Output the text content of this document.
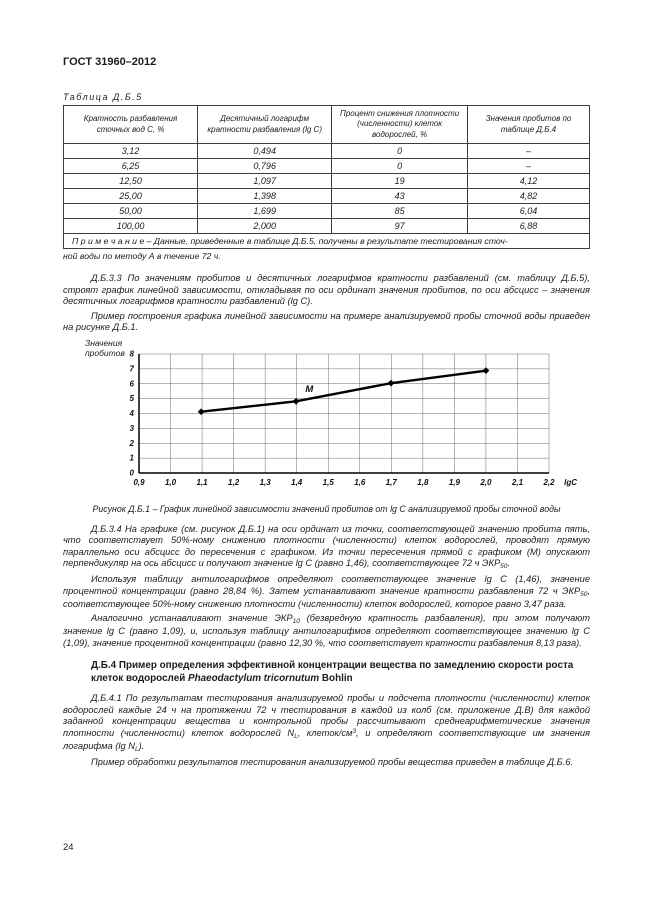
ГОСТ 31960–2012
Таблица Д.Б.5
Кратность разбавления сточных вод С, %	Десятичный логарифм кратности разбавления (lg C)	Процент снижения плотности (численности) клеток водорослей, %	Значения пробитов по таблице Д.Б.4
3,12	0,494	0	–
6,25	0,796	0	–
12,50	1,097	19	4,12
25,00	1,398	43	4,82
50,00	1,699	85	6,04
100,00	2,000	97	6,88
П р и м е ч а н и е – Данные, приведенные в таблице Д.Б.5, получены в результате тестирования сточ-			
ной воды по методу А в течение 72 ч.

Д.Б.3.3 По значениям пробитов и десятичных логарифмов кратности разбавлений (см. таблицу Д.Б.5), строят график линейной зависимости, откладывая по оси ординат значения пробитов, по оси абсцисс – значения десятичных логарифмов кратности разбавлений (lg C).

Пример построения графика линейной зависимости на примере анализируемой пробы сточной воды приведен на рисунке Д.Б.1.

Значения
пробитов
0,9	1,0	1,1	1,2	1,3	1,4	1,5	1,6	1,7	1,8	1,9	2,0	2,1	2,2
0
1
2
3
4
5
6
7
8
M
lgC

Рисунок Д.Б.1 – График линейной зависимости значений пробитов от lg C анализируемой пробы сточной воды

Д.Б.3.4 На графике (см. рисунок Д.Б.1) на оси ординат из точки, соответствующей значению пробита пять, что соответствует 50%-ному снижению плотности (численности) клеток водорослей, проводят прямую параллельно оси абсцисс до пересечения с графиком. Из точки пересечения прямой с графиком (М) опускают перпендикуляр на ось абсцисс и получают значение lg C (равно 1,46), соответствующее 72 ч $ЭКР_{50}$.

Используя таблицу антилогарифмов определяют соответствующее значение lg C (1,46), значение процентной концентрации (равно 28,84 %). Затем устанавливают значение кратности разбавления 72 ч $ЭКР_{50}$, соответствующее 50%-ному снижению плотности (численности) клеток водорослей, которое равно 3,47 раза.

Аналогично устанавливают значение $ЭКР_{10}$ (безвредную кратность разбавления), при этом получают значение lg C (равно 1,09), и, используя таблицу антилогарифмов определяют соответствующее значению lg C (1,09), значение процентной концентрации (равно 12,30 %, что соответствует кратности разбавления 8,13 раза).

Д.Б.4 Пример определения эффективной концентрации вещества по замедлению скорости роста клеток водорослей Phaeodactylum tricornutum Bohlin

Д.Б.4.1 По результатам тестирования анализируемой пробы и подсчета плотности (численности) клеток водорослей каждые 24 ч на протяжении 72 ч тестирования в каждой из колб (см. приложение Д.В) для каждой заданной концентрации вещества и контрольной пробы рассчитывают среднеарифметические значения плотности (численности) клеток водорослей $N_L$, клеток/$см^3$, и определяют соответствующие им значения логарифма (lg $N_L$).

Пример обработки результатов тестирования анализируемой пробы вещества приведен в таблице Д.Б.6.

24
